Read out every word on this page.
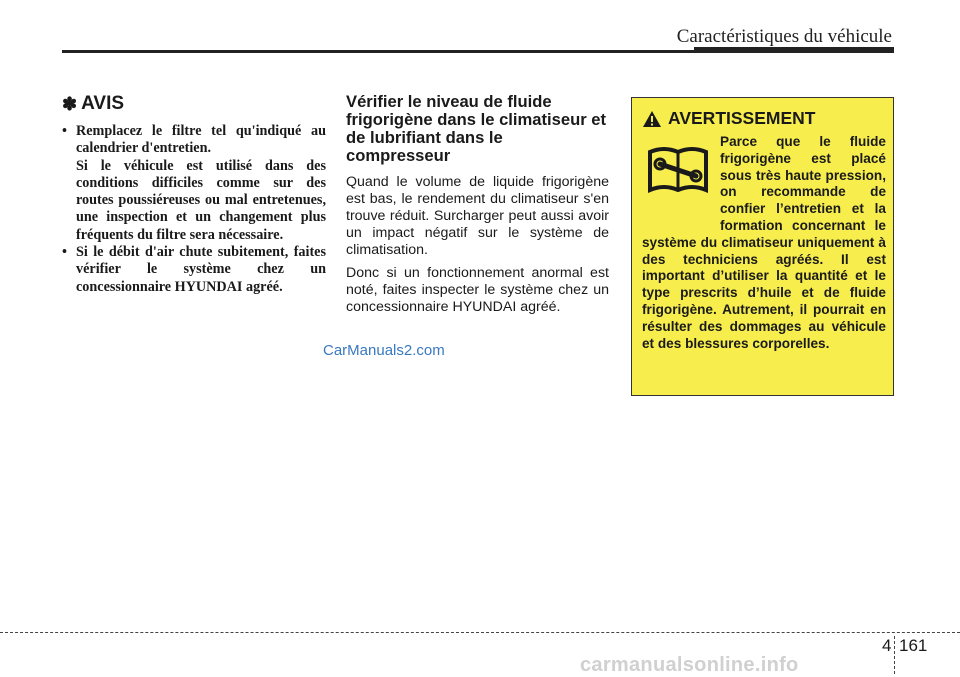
Caractéristiques du véhicule
✽ AVIS
• Remplacez le filtre tel qu'indiqué au calendrier d'entretien.

Si le véhicule est utilisé dans des conditions difficiles comme sur des routes poussiéreuses ou mal entretenues, une inspection et un changement plus fréquents du filtre sera nécessaire.

• Si le débit d'air chute subitement, faites vérifier le système chez un concessionnaire HYUNDAI agréé.

Vérifier le niveau de fluide frigorigène dans le climatiseur et de lubrifiant dans le compresseur

Quand le volume de liquide frigorigène est bas, le rendement du climatiseur s'en trouve réduit. Surcharger peut aussi avoir un impact négatif sur le système de climatisation.

Donc si un fonctionnement anormal est noté, faites inspecter le système chez un concessionnaire HYUNDAI agréé.

CarManuals2.com
AVERTISSEMENT
Parce que le fluide frigorigène est placé sous très haute pression, on recommande de confier l’entretien et la formation concernant le système du climatiseur uniquement à des techniciens agréés. Il est important d’utiliser la quantité et le type prescrits d’huile et de fluide frigorigène. Autrement, il pourrait en résulter des dommages au véhicule et des blessures corporelles.
4 161
carmanualsonline.info
